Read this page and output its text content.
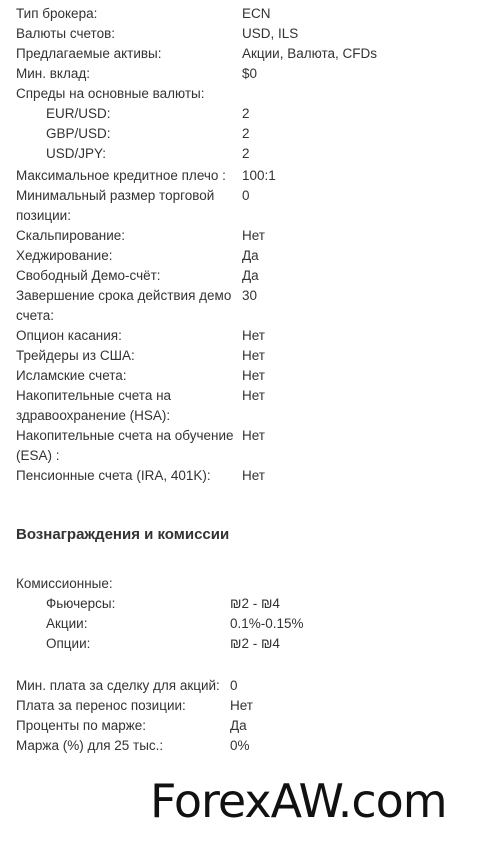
Тип брокера:	ECN
Валюты счетов:	USD, ILS
Предлагаемые активы:	Акции, Валюта, CFDs
Мин. вклад:	$0
Спреды на основные валюты:
EUR/USD:	2
GBP/USD:	2
USD/JPY:	2
Максимальное кредитное плечо : 100:1
Минимальный размер торговой позиции:
0
Скальпирование:	Нет
Хеджирование:	Да
Свободный Демо-счёт:	Да
Завершение срока действия демо счета:
30
Опцион касания:	Нет
Трейдеры из США:	Нет
Исламские счета:	Нет
Накопительные счета на здравоохранение (HSA):
Нет
Накопительные счета на обучение (ESA) :
Нет
Пенсионные счета (IRA, 401K): Нет
Вознаграждения и комиссии
Комиссионные:
Фьючерсы:	₪2 - ₪4
Акции:	0.1%-0.15%
Опции:	₪2 - ₪4
Мин. плата за сделку для акций: 0
Плата за перенос позиции:	Нет
Проценты по марже:	Да
Маржа (%) для 25 тыс.:	0%
ForexAW.com
